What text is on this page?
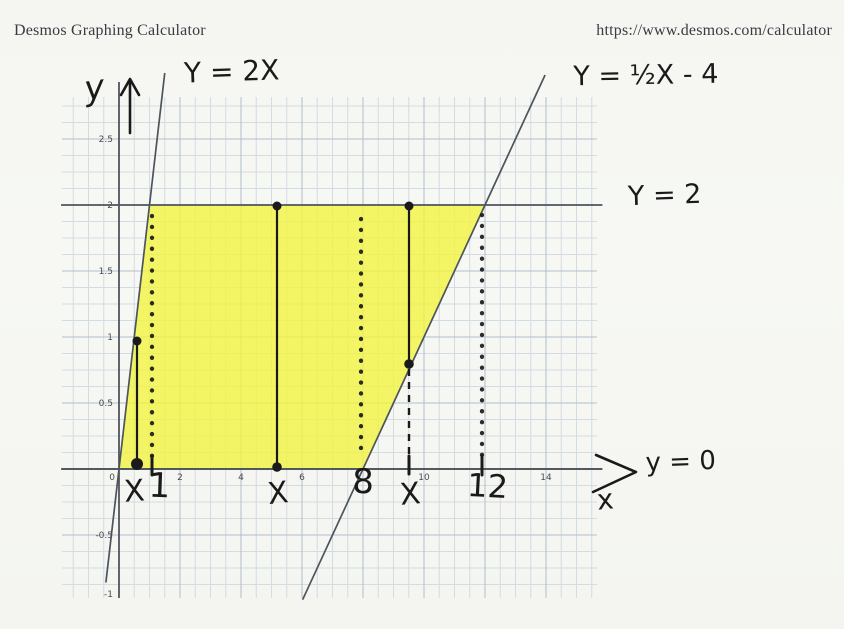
Desmos Graphing Calculator	https://www.desmos.com/calculator
0	2	4	6	10	14
2.5
2
1.5
1
0.5
-0.5
-1
X 1	X 8 X 12	x
y	Y = 2X	Y = ½X - 4
Y = 2
y = 0
